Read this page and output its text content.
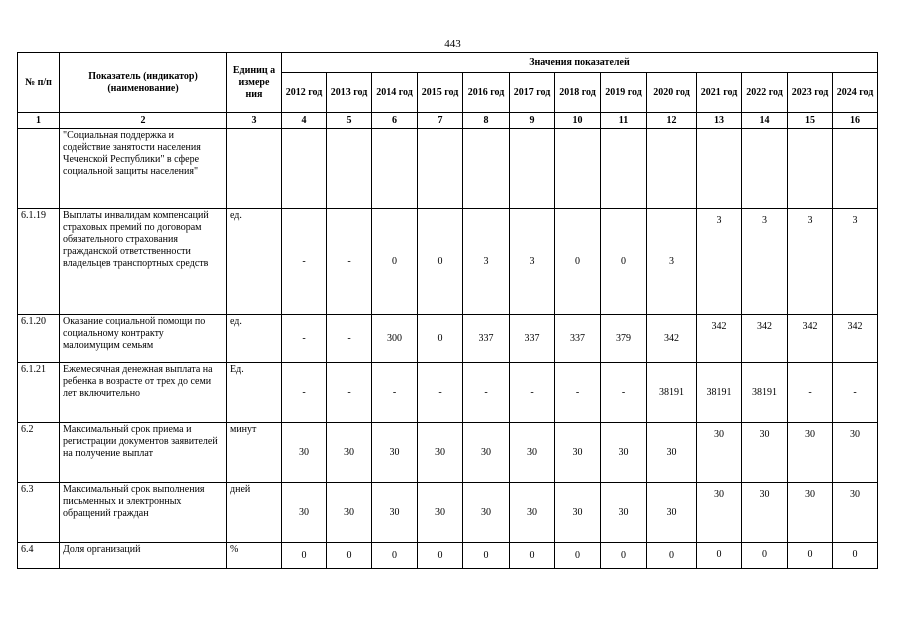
443
№ п/п	Показатель (индикатор) (наименование)	Единиц а измере ния	Значения показателей												
			2012 год	2013 год	2014 год	2015 год	2016 год	2017 год	2018 год	2019 год	2020 год	2021 год	2022 год	2023 год	2024 год
1	2	3	4	5	6	7	8	9	10	11	12	13	14	15	16
	"Социальная поддержка и содействие занятости населения Чеченской Республики" в сфере социальной защиты населения"														
6.1.19	Выплаты инвалидам компенсаций страховых премий по договорам обязательного страхования гражданской ответственности владельцев транспортных средств	ед.	-	-	0	0	3	3	0	0	3	3	3	3	3
6.1.20	Оказание социальной помощи по социальному контракту малоимущим семьям	ед.	-	-	300	0	337	337	337	379	342	342	342	342	342
6.1.21	Ежемесячная денежная выплата на ребенка в возрасте от трех до семи лет включительно	Ед.	-	-	-	-	-	-	-	-	38191	38191	38191	-	-
6.2	Максимальный срок приема и регистрации документов заявителей на получение выплат	минут	30	30	30	30	30	30	30	30	30	30	30	30	30
6.3	Максимальный срок выполнения письменных и электронных обращений граждан	дней	30	30	30	30	30	30	30	30	30	30	30	30	30
6.4	Доля организаций	%	0	0	0	0	0	0	0	0	0	0	0	0	0
